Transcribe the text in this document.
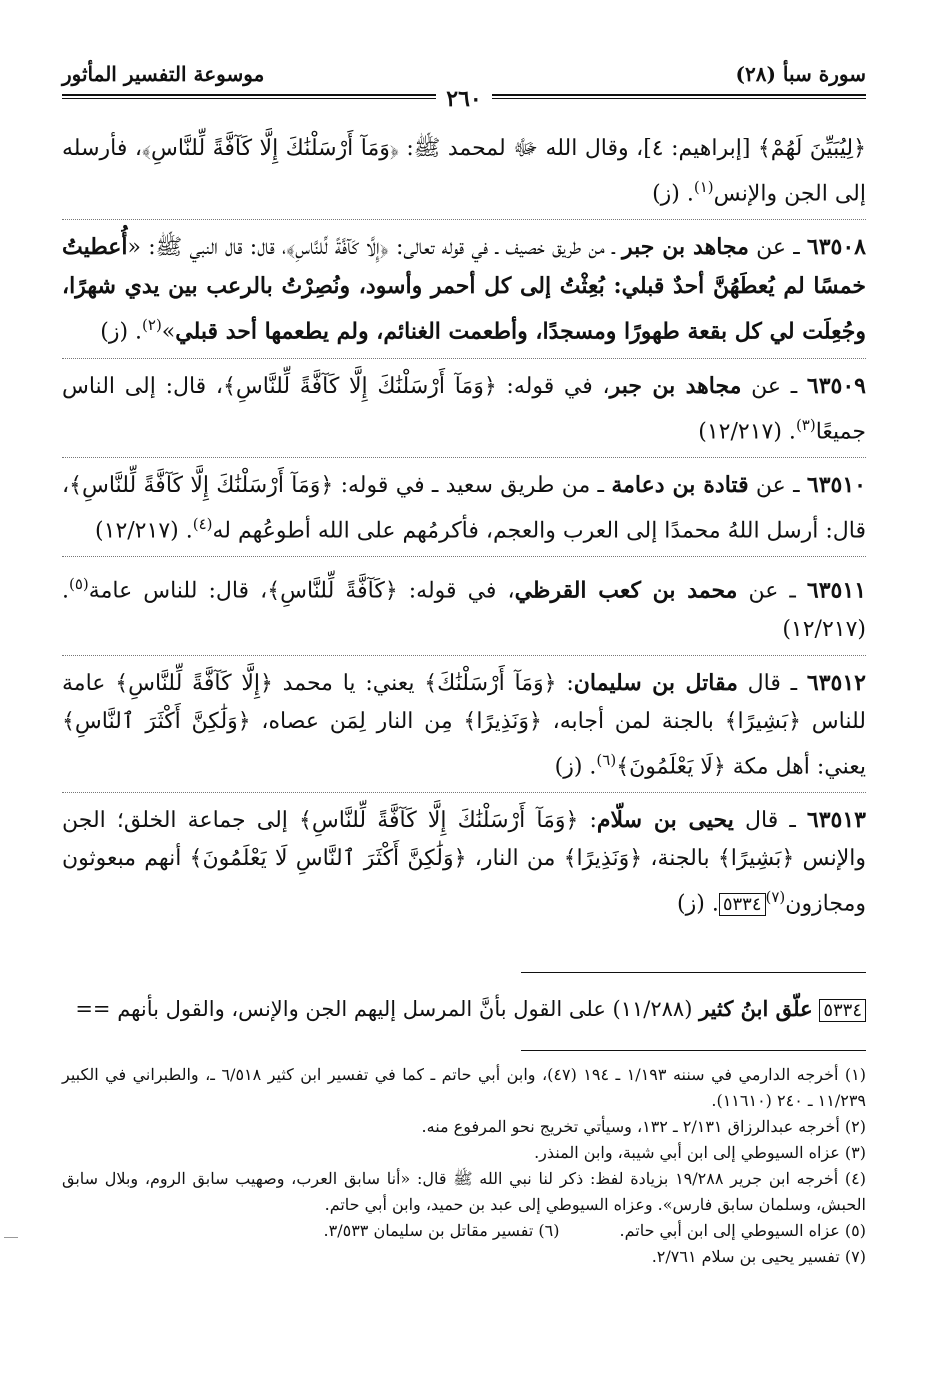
سورة سبأ (٢٨)
موسوعة التفسير المأثور
٢٦٠

﴿لِيُبَيِّنَ لَهُمْ﴾ [إبراهيم: ٤]، وقال الله ﷻ لمحمد ﷺ: ﴿وَمَآ أَرْسَلْنَٰكَ إِلَّا كَآفَّةً لِّلنَّاسِ﴾، فأرسله إلى الجن والإنس$^{(١)}$. (ز)

٦٣٥٠٨ ـ عن مجاهد بن جبر ـ من طريق خصيف ـ في قوله تعالى: ﴿إِلَّا كَآفَّةً لِّلنَّاسِ﴾، قال: قال النبي ﷺ: «أُعطيتُ خمسًا لم يُعطَهُنَّ أحدٌ قبلي: بُعِثْتُ إلى كل أحمر وأسود، ونُصِرْتُ بالرعب بين يدي شهرًا، وجُعِلَت لي كل بقعة طهورًا ومسجدًا، وأطعمت الغنائم، ولم يطعمها أحد قبلي»$^{(٢)}$. (ز)

٦٣٥٠٩ ـ عن مجاهد بن جبر، في قوله: ﴿وَمَآ أَرْسَلْنَٰكَ إِلَّا كَآفَّةً لِّلنَّاسِ﴾، قال: إلى الناس جميعًا$^{(٣)}$. (١٢/٢١٧)

٦٣٥١٠ ـ عن قتادة بن دعامة ـ من طريق سعيد ـ في قوله: ﴿وَمَآ أَرْسَلْنَٰكَ إِلَّا كَآفَّةً لِّلنَّاسِ﴾، قال: أرسل اللهُ محمدًا إلى العرب والعجم، فأكرمُهم على الله أطوعُهم له$^{(٤)}$. (١٢/٢١٧)

٦٣٥١١ ـ عن محمد بن كعب القرظي، في قوله: ﴿كَآفَّةً لِّلنَّاسِ﴾، قال: للناس عامة$^{(٥)}$. (١٢/٢١٧)

٦٣٥١٢ ـ قال مقاتل بن سليمان: ﴿وَمَآ أَرْسَلْنَٰكَ﴾ يعني: يا محمد ﴿إِلَّا كَآفَّةً لِّلنَّاسِ﴾ عامة للناس ﴿بَشِيرًا﴾ بالجنة لمن أجابه، ﴿وَنَذِيرًا﴾ مِن النار لِمَن عصاه، ﴿وَلَٰكِنَّ أَكْثَرَ ٱلنَّاسِ﴾ يعني: أهل مكة ﴿لَا يَعْلَمُونَ﴾$^{(٦)}$. (ز)

٦٣٥١٣ ـ قال يحيى بن سلّام: ﴿وَمَآ أَرْسَلْنَٰكَ إِلَّا كَآفَّةً لِّلنَّاسِ﴾ إلى جماعة الخلق؛ الجن والإنس ﴿بَشِيرًا﴾ بالجنة، ﴿وَنَذِيرًا﴾ من النار، ﴿وَلَٰكِنَّ أَكْثَرَ ٱلنَّاسِ لَا يَعْلَمُونَ﴾ أنهم مبعوثون ومجازون$^{(٧)}$٥٣٣٤. (ز)

٥٣٣٤ علّق ابنُ كثير (١١/٢٨٨) على القول بأنَّ المرسل إليهم الجن والإنس، والقول بأنهم ==

(١) أخرجه الدارمي في سننه ١/١٩٣ ـ ١٩٤ (٤٧)، وابن أبي حاتم ـ كما في تفسير ابن كثير ٦/٥١٨ ـ، والطبراني في الكبير ١١/٢٣٩ ـ ٢٤٠ (١١٦١٠).

(٢) أخرجه عبدالرزاق ٢/١٣١ ـ ١٣٢، وسيأتي تخريج نحو المرفوع منه.

(٣) عزاه السيوطي إلى ابن أبي شيبة، وابن المنذر.

(٤) أخرجه ابن جرير ١٩/٢٨٨ بزيادة لفظ: ذكر لنا نبي الله ﷺ قال: «أنا سابق العرب، وصهيب سابق الروم، وبلال سابق الحبش، وسلمان سابق فارس». وعزاه السيوطي إلى عبد بن حميد، وابن أبي حاتم.

(٥) عزاه السيوطي إلى ابن أبي حاتم.

(٦) تفسير مقاتل بن سليمان ٣/٥٣٣.

(٧) تفسير يحيى بن سلام ٢/٧٦١.
